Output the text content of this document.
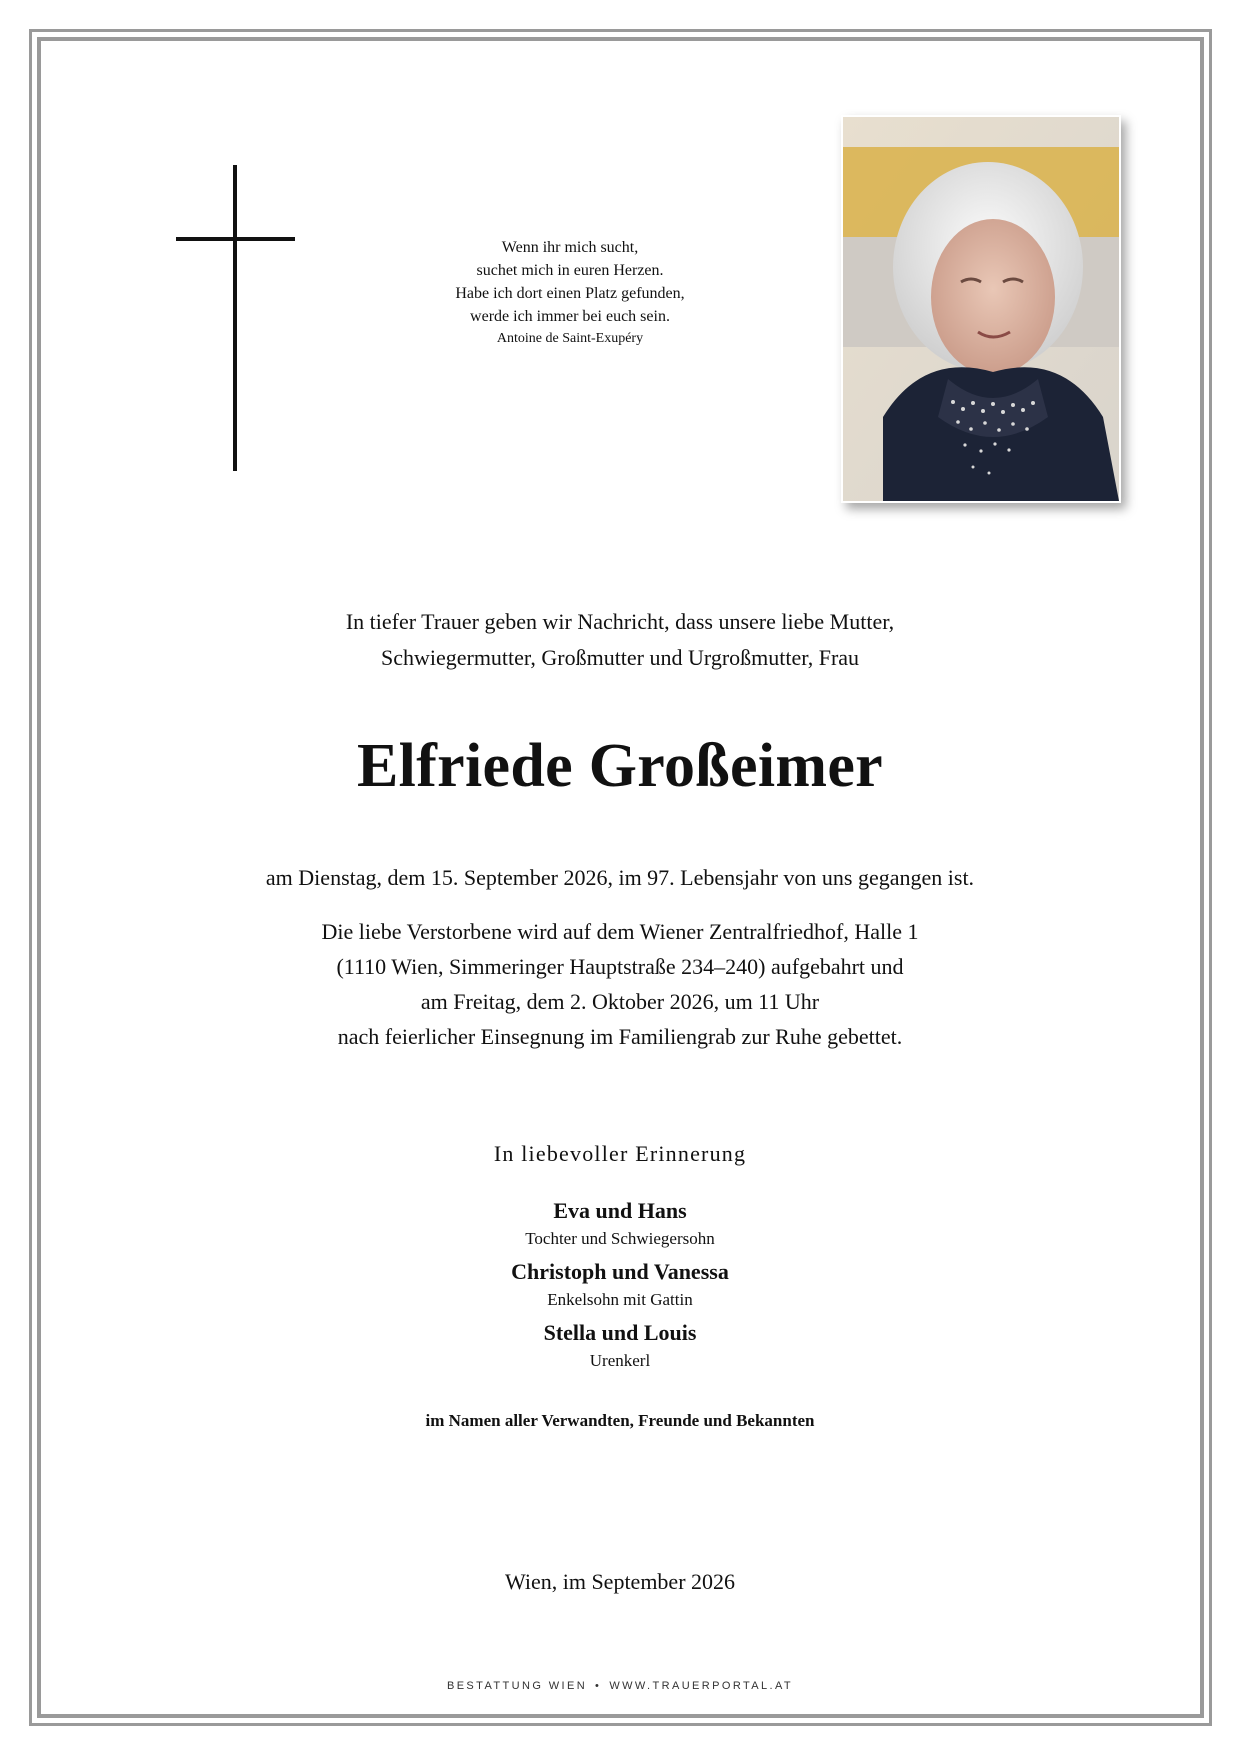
Wenn ihr mich sucht,
suchet mich in euren Herzen.
Habe ich dort einen Platz gefunden,
werde ich immer bei euch sein.
Antoine de Saint-Exupéry
In tiefer Trauer geben wir Nachricht, dass unsere liebe Mutter,
Schwiegermutter, Großmutter und Urgroßmutter, Frau
Elfriede Großeimer
am Dienstag, dem 15. September 2026, im 97. Lebensjahr von uns gegangen ist.
Die liebe Verstorbene wird auf dem Wiener Zentralfriedhof, Halle 1
(1110 Wien, Simmeringer Hauptstraße 234–240) aufgebahrt und
am Freitag, dem 2. Oktober 2026, um 11 Uhr
nach feierlicher Einsegnung im Familiengrab zur Ruhe gebettet.
In liebevoller Erinnerung
Eva und Hans
Tochter und Schwiegersohn
Christoph und Vanessa
Enkelsohn mit Gattin
Stella und Louis
Urenkerl
im Namen aller Verwandten, Freunde und Bekannten
Wien, im September 2026
BESTATTUNG WIEN • WWW.TRAUERPORTAL.AT
